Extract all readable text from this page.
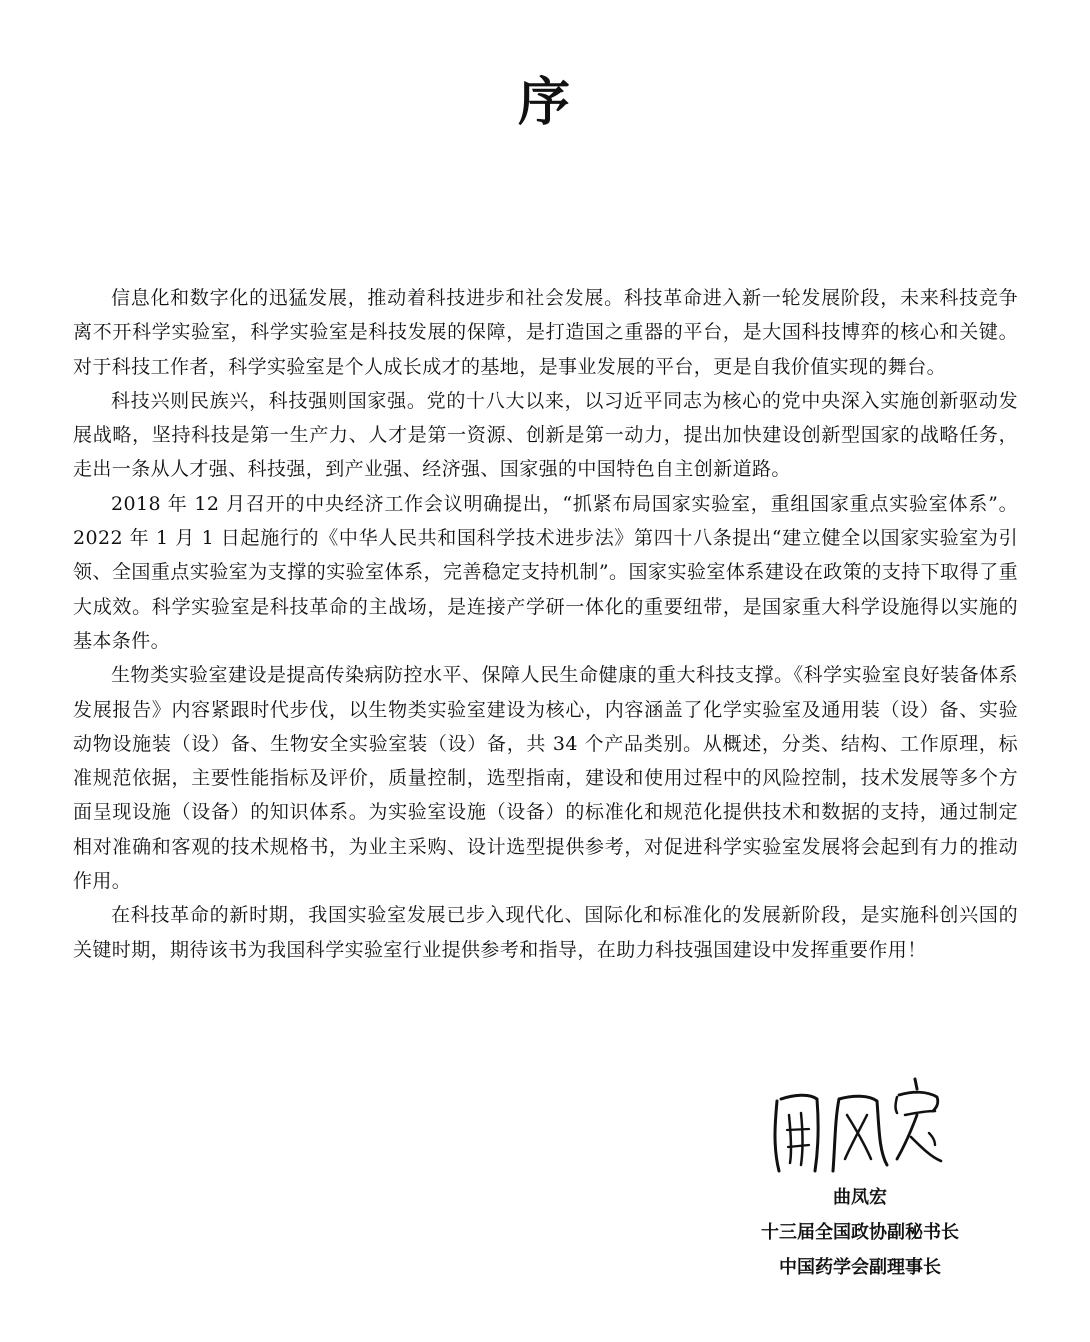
序

信息化和数字化的迅猛发展，推动着科技进步和社会发展。科技革命进入新一轮发展阶段，未来科技竞争离不开科学实验室，科学实验室是科技发展的保障，是打造国之重器的平台，是大国科技博弈的核心和关键。对于科技工作者，科学实验室是个人成长成才的基地，是事业发展的平台，更是自我价值实现的舞台。

科技兴则民族兴，科技强则国家强。党的十八大以来，以习近平同志为核心的党中央深入实施创新驱动发展战略，坚持科技是第一生产力、人才是第一资源、创新是第一动力，提出加快建设创新型国家的战略任务，走出一条从人才强、科技强，到产业强、经济强、国家强的中国特色自主创新道路。

2018 年 12 月召开的中央经济工作会议明确提出，“抓紧布局国家实验室，重组国家重点实验室体系”。2022 年 1 月 1 日起施行的《中华人民共和国科学技术进步法》第四十八条提出“建立健全以国家实验室为引领、全国重点实验室为支撑的实验室体系，完善稳定支持机制”。国家实验室体系建设在政策的支持下取得了重大成效。科学实验室是科技革命的主战场，是连接产学研一体化的重要纽带，是国家重大科学设施得以实施的基本条件。

生物类实验室建设是提高传染病防控水平、保障人民生命健康的重大科技支撑。《科学实验室良好装备体系发展报告》内容紧跟时代步伐，以生物类实验室建设为核心，内容涵盖了化学实验室及通用装（设）备、实验动物设施装（设）备、生物安全实验室装（设）备，共 34 个产品类别。从概述，分类、结构、工作原理，标准规范依据，主要性能指标及评价，质量控制，选型指南，建设和使用过程中的风险控制，技术发展等多个方面呈现设施（设备）的知识体系。为实验室设施（设备）的标准化和规范化提供技术和数据的支持，通过制定相对准确和客观的技术规格书，为业主采购、设计选型提供参考，对促进科学实验室发展将会起到有力的推动作用。

在科技革命的新时期，我国实验室发展已步入现代化、国际化和标准化的发展新阶段，是实施科创兴国的关键时期，期待该书为我国科学实验室行业提供参考和指导，在助力科技强国建设中发挥重要作用！

曲凤宏
十三届全国政协副秘书长
中国药学会副理事长
